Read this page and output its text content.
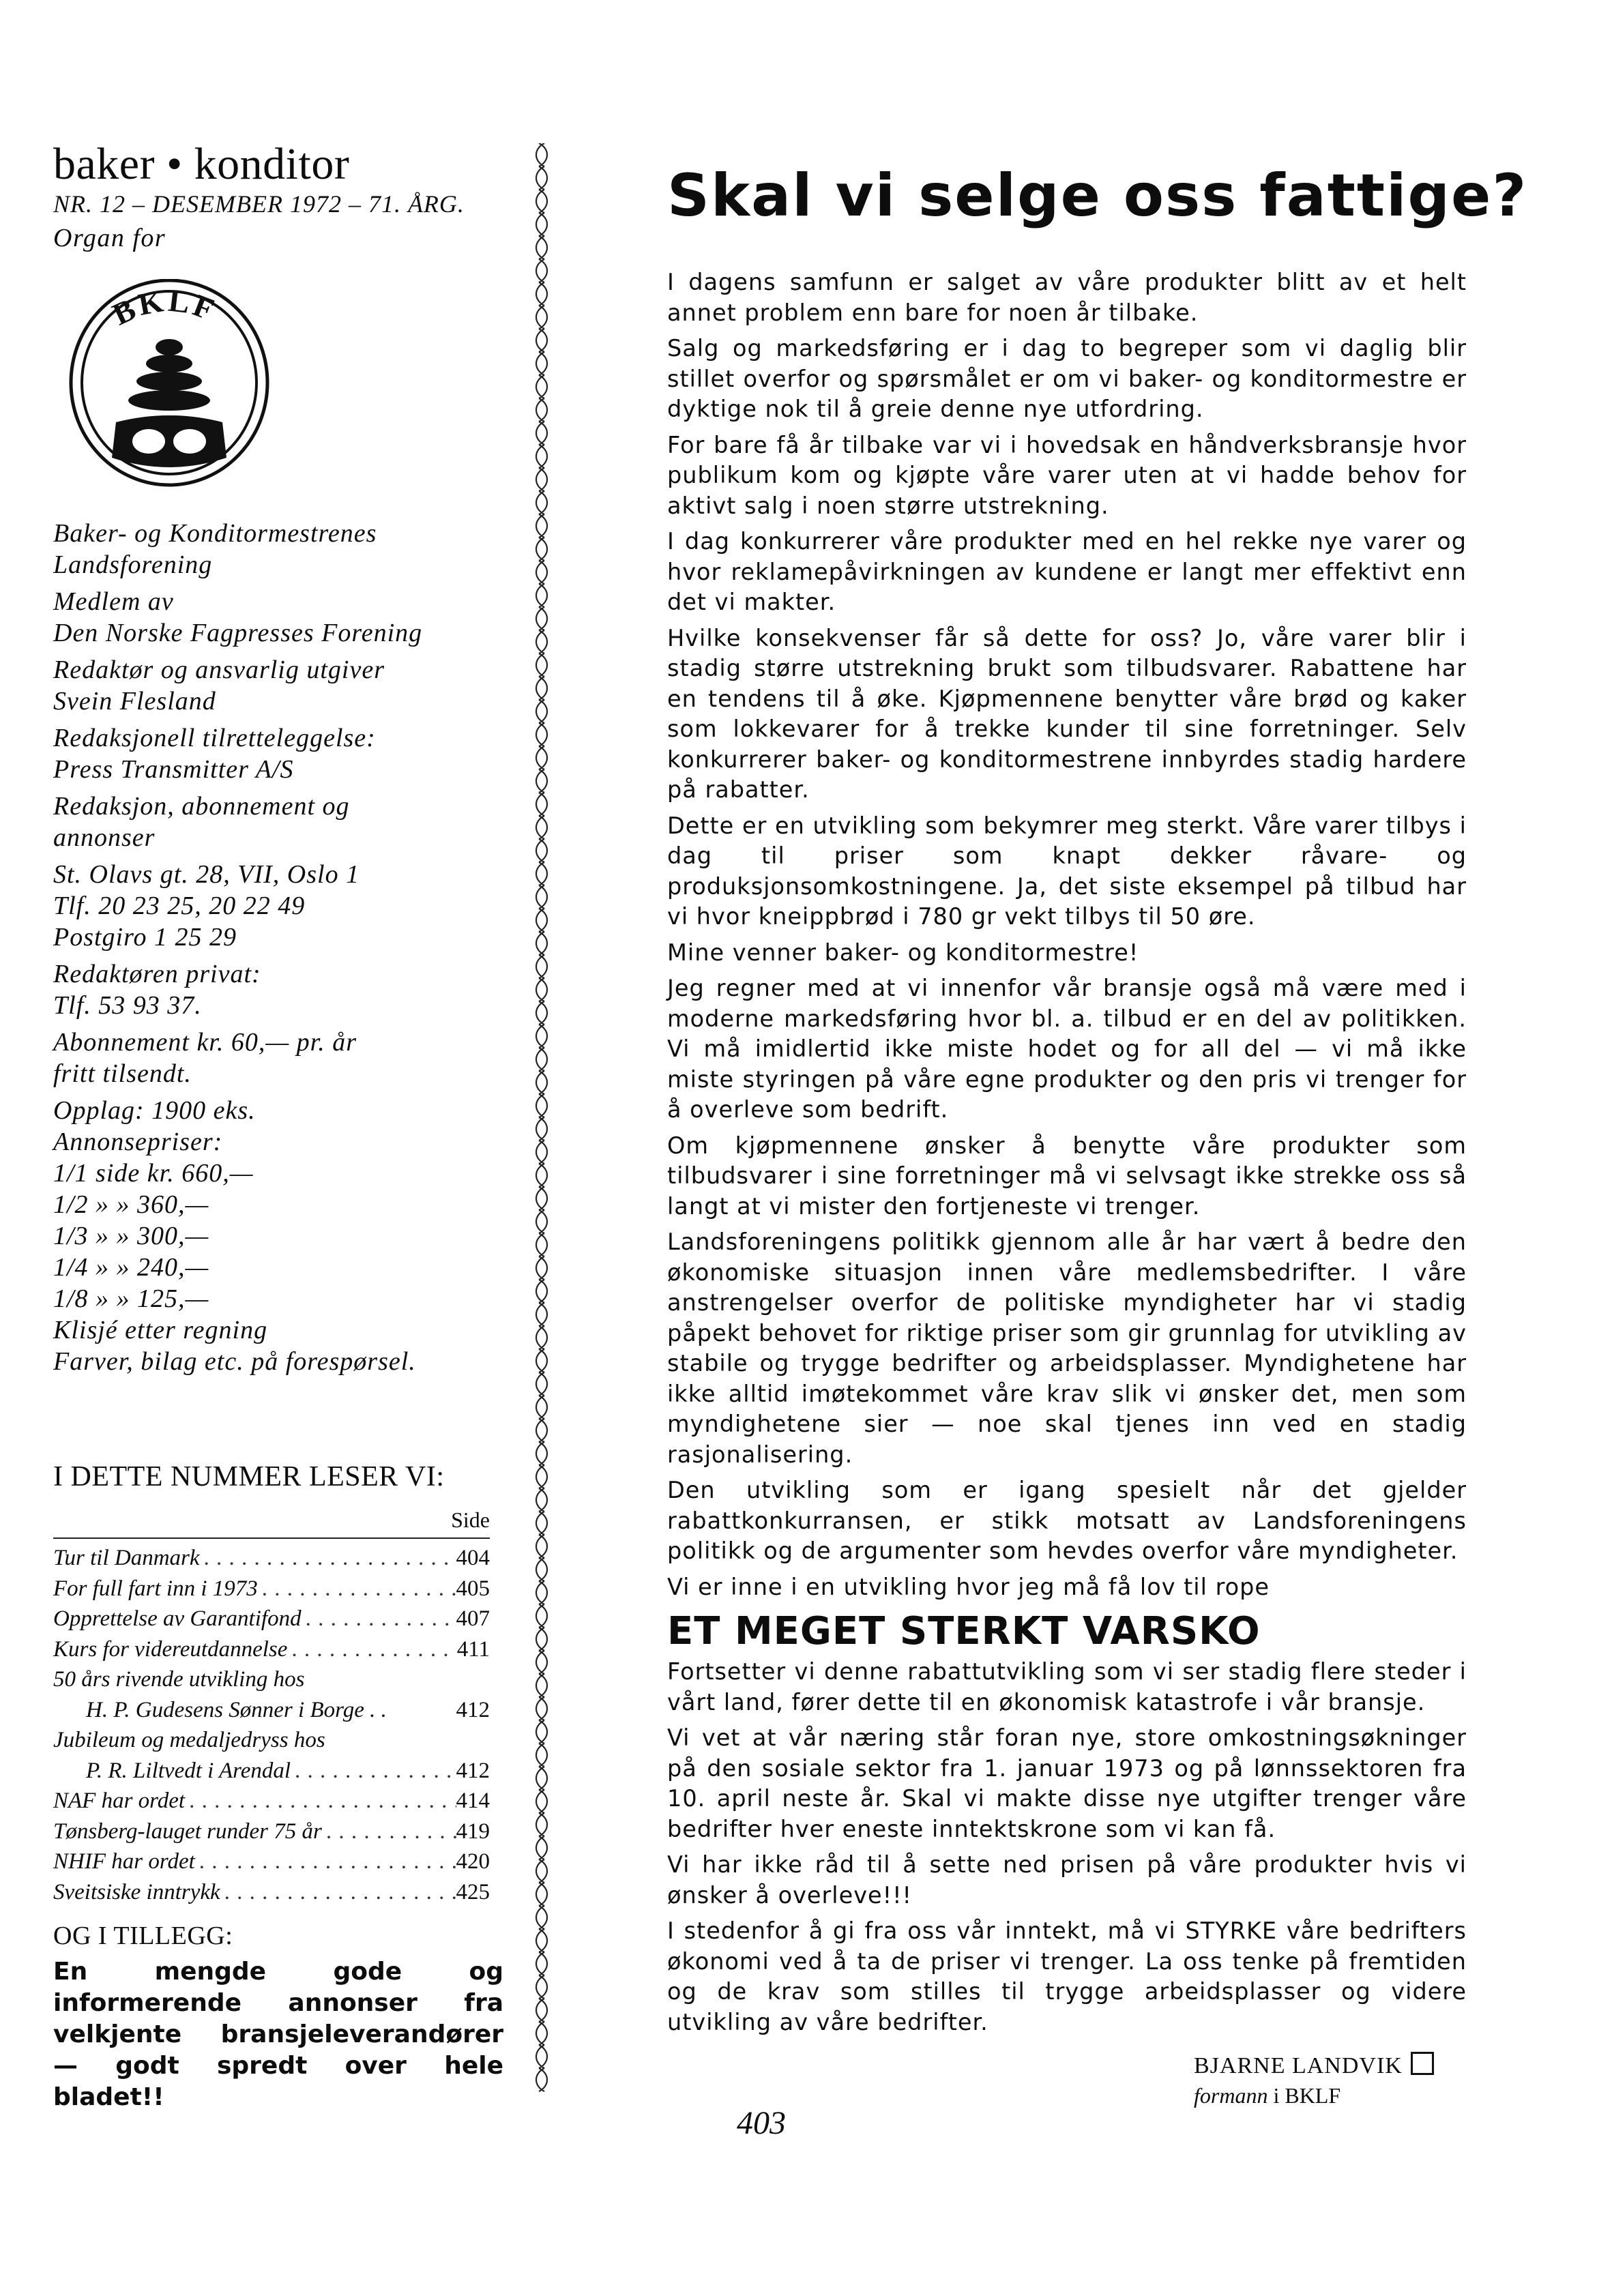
baker • konditor
NR. 12 – DESEMBER 1972 – 71. ÅRG.
Organ for
BKLF
Baker- og Konditormestrenes
Landsforening
Medlem av
Den Norske Fagpresses Forening
Redaktør og ansvarlig utgiver
Svein Flesland
Redaksjonell tilretteleggelse:
Press Transmitter A/S
Redaksjon, abonnement og
annonser
St. Olavs gt. 28, VII, Oslo 1
Tlf. 20 23 25, 20 22 49
Postgiro 1 25 29
Redaktøren privat:
Tlf. 53 93 37.
Abonnement kr. 60,— pr. år
fritt tilsendt.
Opplag: 1900 eks.
Annonsepriser:
1/1 side kr. 660,—
1/2 » » 360,—
1/3 » » 300,—
1/4 » » 240,—
1/8 » » 125,—
Klisjé etter regning
Farver, bilag etc. på forespørsel.
I DETTE NUMMER LESER VI:
Side
Tur til Danmark . . .	404
For full fart inn i 1973 . . .	405
Opprettelse av Garantifond . . .	407
Kurs for videreutdannelse . . .	411
50 års rivende utvikling hos
H. P. Gudesens Sønner i Borge . .	412
Jubileum og medaljedryss hos
P. R. Liltvedt i Arendal . . .	412
NAF har ordet . . .	414
Tønsberg-lauget runder 75 år . . .	419
NHIF har ordet . . .	420
Sveitsiske inntrykk . . .	425
OG I TILLEGG:
En mengde gode og informerende annonser fra velkjente bransjeleverandører — godt spredt over hele bladet!!
Skal vi selge oss fattige?

I dagens samfunn er salget av våre produkter blitt av et helt annet problem enn bare for noen år tilbake.

Salg og markedsføring er i dag to begreper som vi daglig blir stillet overfor og spørsmålet er om vi baker- og konditormestre er dyktige nok til å greie denne nye utfordring.

For bare få år tilbake var vi i hovedsak en håndverksbransje hvor publikum kom og kjøpte våre varer uten at vi hadde behov for aktivt salg i noen større utstrekning.

I dag konkurrerer våre produkter med en hel rekke nye varer og hvor reklamepåvirkningen av kundene er langt mer effektivt enn det vi makter.

Hvilke konsekvenser får så dette for oss? Jo, våre varer blir i stadig større utstrekning brukt som tilbudsvarer. Rabattene har en tendens til å øke. Kjøpmennene benytter våre brød og kaker som lokkevarer for å trekke kunder til sine forretninger. Selv konkurrerer baker- og konditormestrene innbyrdes stadig hardere på rabatter.

Dette er en utvikling som bekymrer meg sterkt. Våre varer tilbys i dag til priser som knapt dekker råvare- og produksjonsomkostningene. Ja, det siste eksempel på tilbud har vi hvor kneippbrød i 780 gr vekt tilbys til 50 øre.

Mine venner baker- og konditormestre!

Jeg regner med at vi innenfor vår bransje også må være med i moderne markedsføring hvor bl. a. tilbud er en del av politikken. Vi må imidlertid ikke miste hodet og for all del — vi må ikke miste styringen på våre egne produkter og den pris vi trenger for å overleve som bedrift.

Om kjøpmennene ønsker å benytte våre produkter som tilbudsvarer i sine forretninger må vi selvsagt ikke strekke oss så langt at vi mister den fortjeneste vi trenger.

Landsforeningens politikk gjennom alle år har vært å bedre den økonomiske situasjon innen våre medlemsbedrifter. I våre anstrengelser overfor de politiske myndigheter har vi stadig påpekt behovet for riktige priser som gir grunnlag for utvikling av stabile og trygge bedrifter og arbeidsplasser. Myndighetene har ikke alltid imøtekommet våre krav slik vi ønsker det, men som myndighetene sier — noe skal tjenes inn ved en stadig rasjonalisering.

Den utvikling som er igang spesielt når det gjelder rabattkonkurransen, er stikk motsatt av Landsforeningens politikk og de argumenter som hevdes overfor våre myndigheter.

Vi er inne i en utvikling hvor jeg må få lov til rope

ET MEGET STERKT VARSKO

Fortsetter vi denne rabattutvikling som vi ser stadig flere steder i vårt land, fører dette til en økonomisk katastrofe i vår bransje.

Vi vet at vår næring står foran nye, store omkostningsøkninger på den sosiale sektor fra 1. januar 1973 og på lønnssektoren fra 10. april neste år. Skal vi makte disse nye utgifter trenger våre bedrifter hver eneste inntektskrone som vi kan få.

Vi har ikke råd til å sette ned prisen på våre produkter hvis vi ønsker å overleve!!!

I stedenfor å gi fra oss vår inntekt, må vi STYRKE våre bedrifters økonomi ved å ta de priser vi trenger. La oss tenke på fremtiden og de krav som stilles til trygge arbeidsplasser og videre utvikling av våre bedrifter.

BJARNE LANDVIK
formann i BKLF
403
